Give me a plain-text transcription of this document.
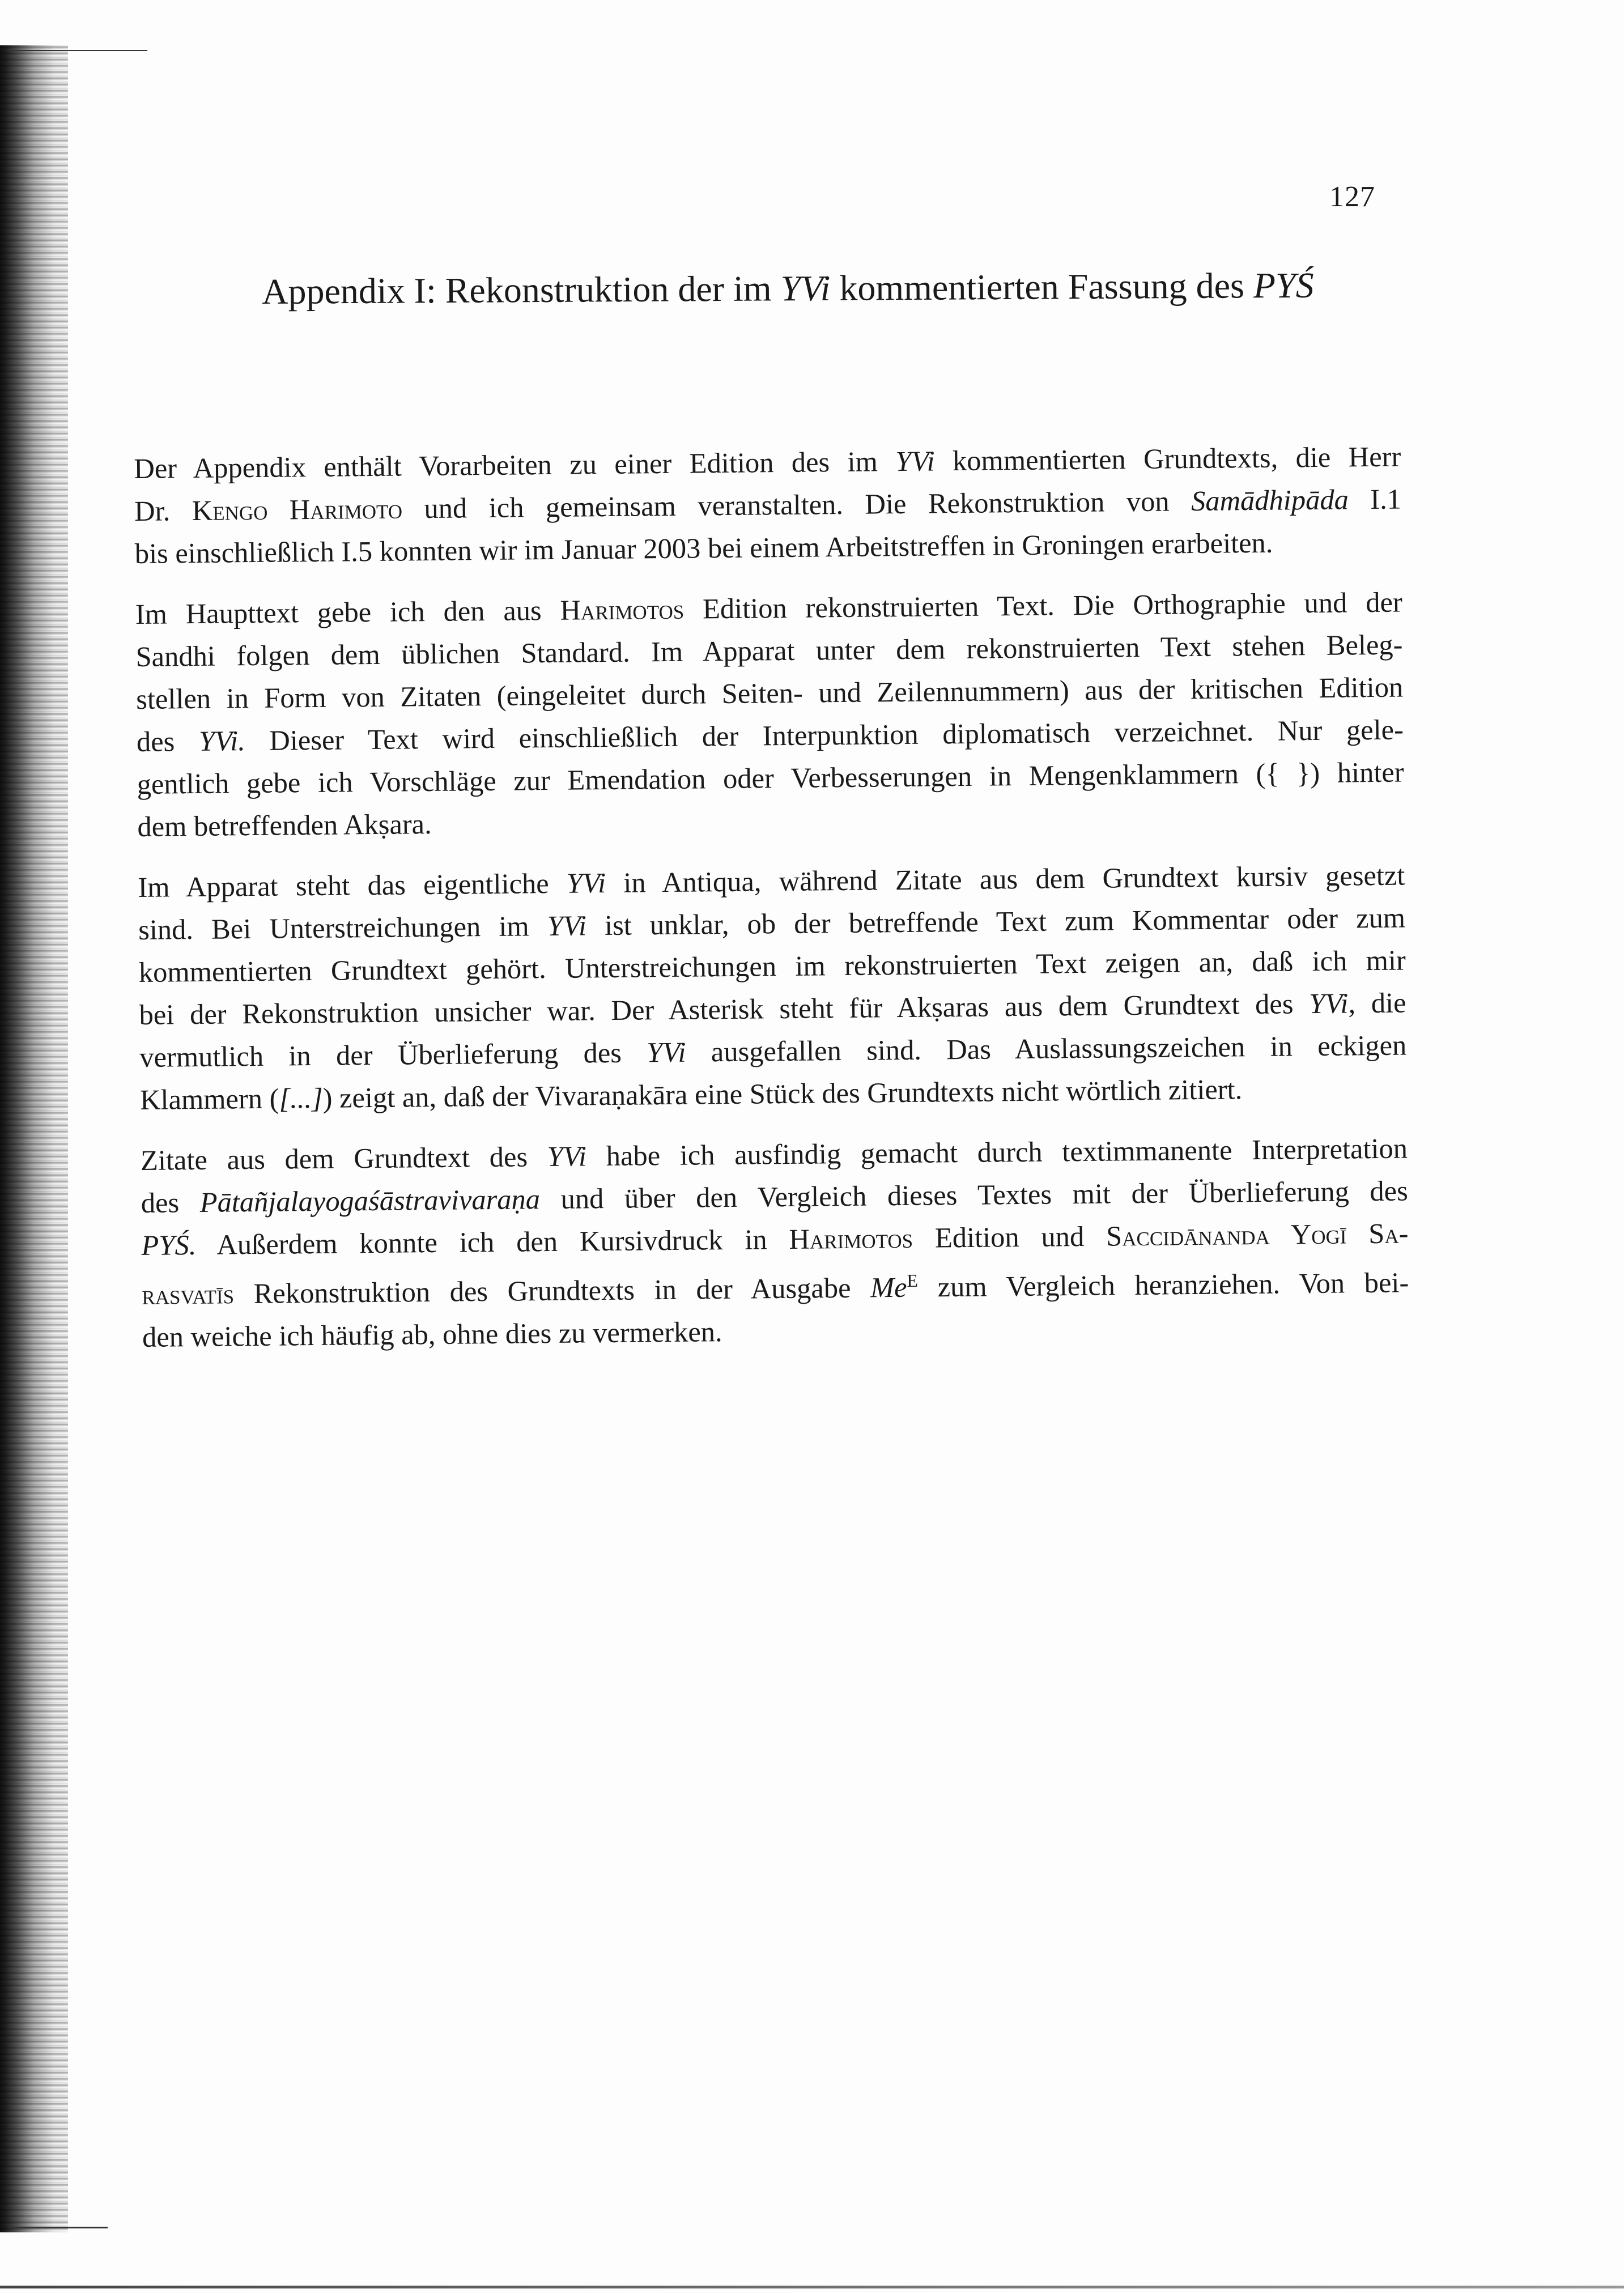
127
Appendix I: Rekonstruktion der im YVi kommentierten Fassung des PYŚ
Der Appendix enthält Vorarbeiten zu einer Edition des im YVi kommentierten Grundtexts, die Herr
Dr. Kengo Harimoto und ich gemeinsam veranstalten. Die Rekonstruktion von Samādhipāda I.1
bis einschließlich I.5 konnten wir im Januar 2003 bei einem Arbeitstreffen in Groningen erarbeiten.
Im Haupttext gebe ich den aus Harimotos Edition rekonstruierten Text. Die Orthographie und der
Sandhi folgen dem üblichen Standard. Im Apparat unter dem rekonstruierten Text stehen Beleg-
stellen in Form von Zitaten (eingeleitet durch Seiten- und Zeilennummern) aus der kritischen Edition
des YVi. Dieser Text wird einschließlich der Interpunktion diplomatisch verzeichnet. Nur gele-
gentlich gebe ich Vorschläge zur Emendation oder Verbesserungen in Mengenklammern ({ }) hinter
dem betreffenden Akṣara.
Im Apparat steht das eigentliche YVi in Antiqua, während Zitate aus dem Grundtext kursiv gesetzt
sind. Bei Unterstreichungen im YVi ist unklar, ob der betreffende Text zum Kommentar oder zum
kommentierten Grundtext gehört. Unterstreichungen im rekonstruierten Text zeigen an, daß ich mir
bei der Rekonstruktion unsicher war. Der Asterisk steht für Akṣaras aus dem Grundtext des YVi, die
vermutlich in der Überlieferung des YVi ausgefallen sind. Das Auslassungszeichen in eckigen
Klammern ([...]) zeigt an, daß der Vivaraṇakāra eine Stück des Grundtexts nicht wörtlich zitiert.
Zitate aus dem Grundtext des YVi habe ich ausfindig gemacht durch textimmanente Interpretation
des Pātañjalayogaśāstravivaraṇa und über den Vergleich dieses Textes mit der Überlieferung des
PYŚ. Außerdem konnte ich den Kursivdruck in Harimotos Edition und Saccidānanda Yogī Sa-
rasvatīs Rekonstruktion des Grundtexts in der Ausgabe $Me^E$ zum Vergleich heranziehen. Von bei-
den weiche ich häufig ab, ohne dies zu vermerken.
